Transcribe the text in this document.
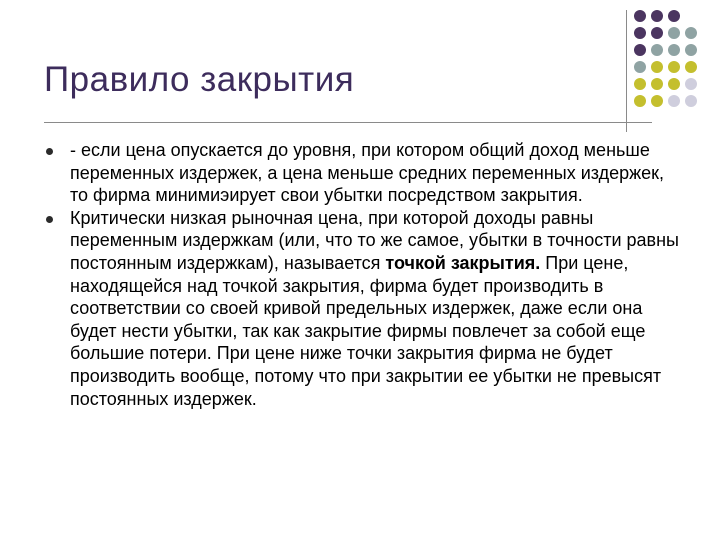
Правило закрытия
- если цена опускается до уровня, при котором общий доход меньше переменных издержек, а цена меньше средних переменных издержек, то фирма минимиэирует свои убытки посредством закрытия.
Критически низкая рыночная цена, при которой доходы равны переменным издержкам (или, что то же самое, убытки в точности равны постоянным издержкам), называется точкой закрытия. При цене, находящейся над точкой закрытия, фирма будет производить в соответствии со своей кривой предельных издержек, даже если она будет нести убытки, так как закрытие фирмы повлечет за собой еще большие потери. При цене ниже точки закрытия фирма не будет производить вообще, потому что при закрытии ее убытки не превысят постоянных издержек.
